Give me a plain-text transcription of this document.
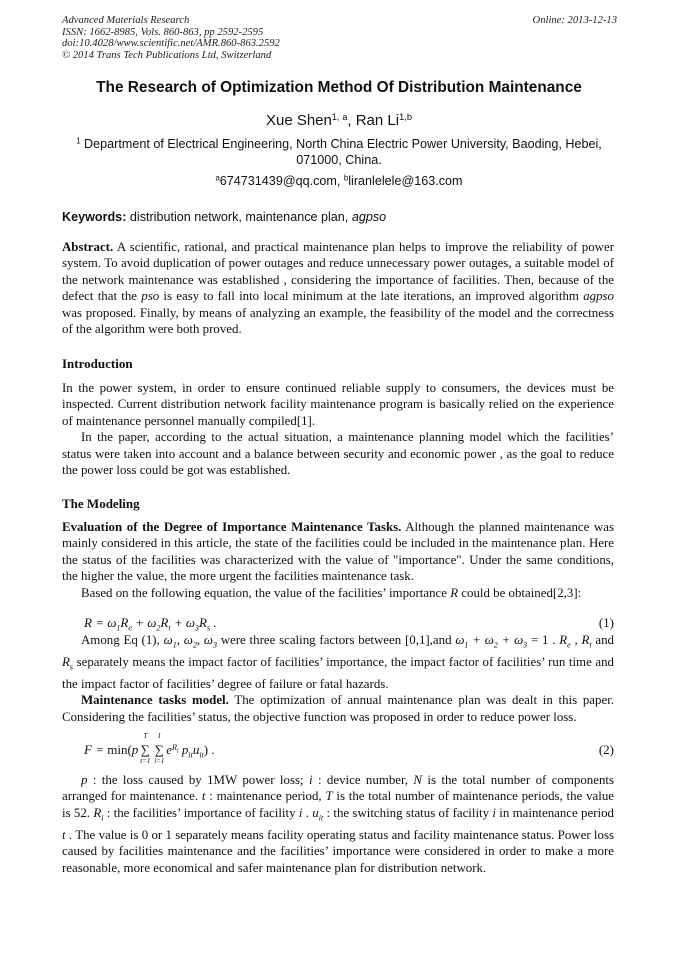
Advanced Materials Research
ISSN: 1662-8985, Vols. 860-863, pp 2592-2595
doi:10.4028/www.scientific.net/AMR.860-863.2592
© 2014 Trans Tech Publications Ltd, Switzerland
Online: 2013-12-13
The Research of Optimization Method Of Distribution Maintenance
Xue Shen$^{1, a}$, Ran Li$^{1,b}$
$^1$ Department of Electrical Engineering, North China Electric Power University, Baoding, Hebei, 071000, China.
$^a$674731439@qq.com, $^b$liranlelele@163.com
Keywords: distribution network, maintenance plan, agpso

Abstract. A scientific, rational, and practical maintenance plan helps to improve the reliability of power system. To avoid duplication of power outages and reduce unnecessary power outages, a suitable model of the network maintenance was established , considering the importance of facilities. Then, because of the defect that the pso is easy to fall into local minimum at the late iterations, an improved algorithm agpso was proposed. Finally, by means of analyzing an example, the feasibility of the model and the correctness of the algorithm were both proved.

Introduction

In the power system, in order to ensure continued reliable supply to consumers, the devices must be inspected. Current distribution network facility maintenance program is basically relied on the experience of maintenance personnel manually compiled[1].

In the paper, according to the actual situation, a maintenance planning model which the facilities’ status were taken into account and a balance between security and economic power , as the goal to reduce the power loss could be got was established.

The Modeling

Evaluation of the Degree of Importance Maintenance Tasks. Although the planned maintenance was mainly considered in this article, the state of the facilities could be included in the maintenance plan. Here the status of the facilities was characterized with the value of "importance". Under the same conditions, the higher the value, the more urgent the facilities maintenance task.

Based on the following equation, the value of the facilities’ importance R could be obtained[2,3]:

$R = \omega_1R_e + \omega_2R_t + \omega_3R_s$ .	(1)

Among Eq (1), $\omega_1$, $\omega_2$, $\omega_3$ were three scaling factors between [0,1],and $\omega_1 + \omega_2 + \omega_3 = 1$ . $R_e$ , $R_t$ and $R_s$ separately means the impact factor of facilities’ importance, the impact factor of facilities’ run time and the impact factor of facilities’ degree of failure or fatal hazards.

Maintenance tasks model. The optimization of annual maintenance plan was dealt in this paper. Considering the facilities’ status, the objective function was proposed in order to reduce power loss.

F = min(p
T
∑
t=1
I
∑
i=1
$e^{R_i}$ $p_{it}u_{it}$) .	(2)

p : the loss caused by 1MW power loss; i : device number, N is the total number of components arranged for maintenance. t : maintenance period, T is the total number of maintenance periods, the value is 52. $R_i$ : the facilities’ importance of facility i . $u_{it}$ : the switching status of facility i in maintenance period t . The value is 0 or 1 separately means facility operating status and facility maintenance status. Power loss caused by facilities maintenance and the facilities’ importance were considered in order to make a more reasonable, more economical and safer maintenance plan for distribution network.
